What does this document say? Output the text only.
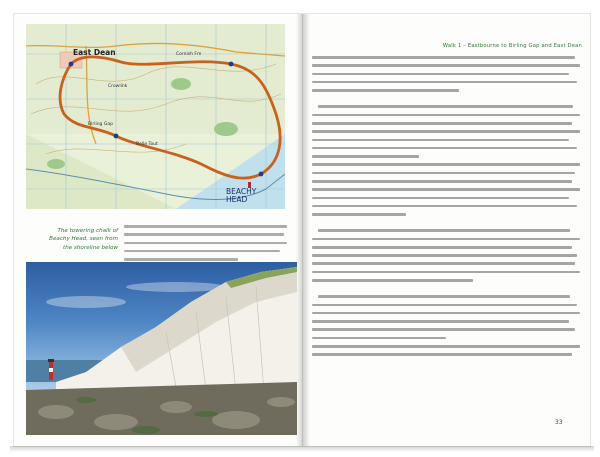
East Dean
BEACHY
HEAD
Birling Gap
Crowlink
Cornish Fm
Belle Tout
The towering chalk of Beachy Head, seen from the shoreline below
Walk 1 – Eastbourne to Birling Gap and East Dean
33
